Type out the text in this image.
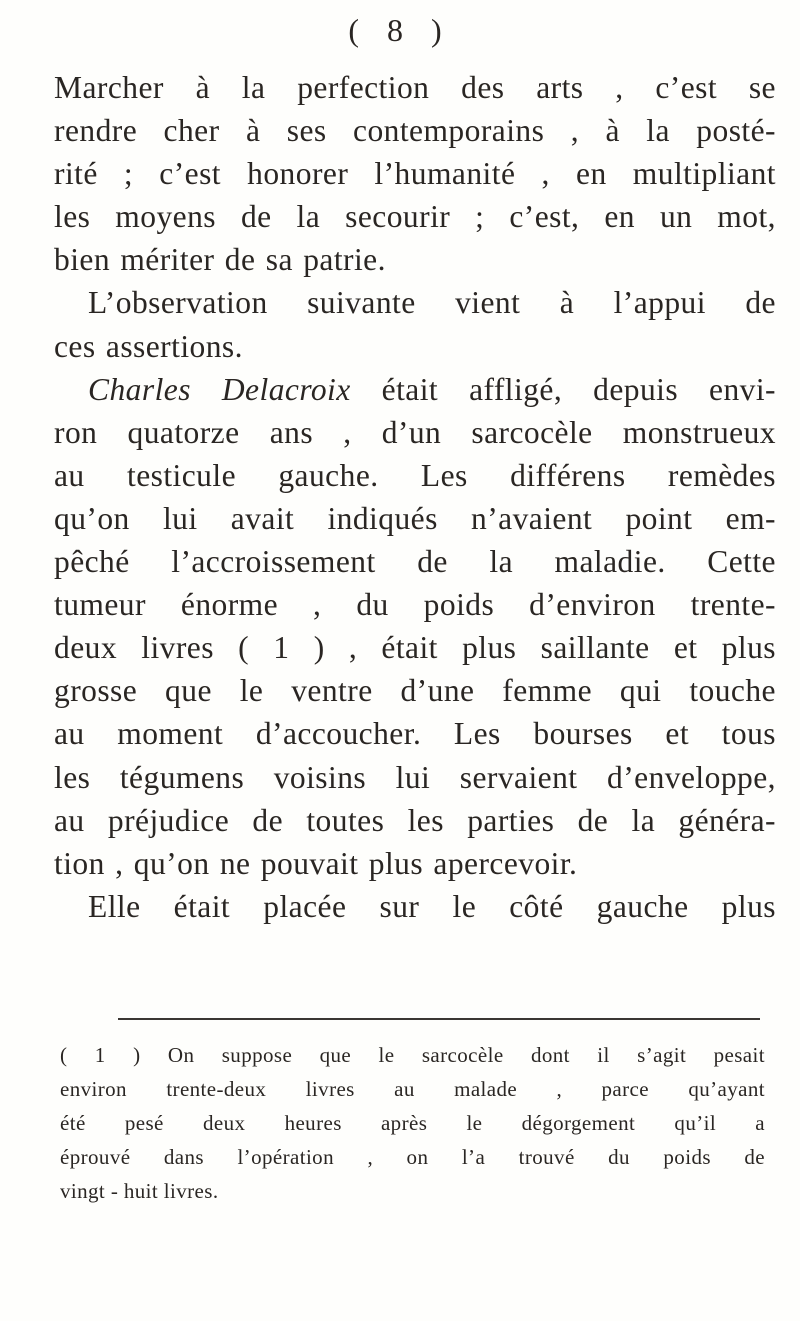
( 8 )
Marcher à la perfection des arts , c’est se
rendre cher à ses contemporains , à la posté-
rité ; c’est honorer l’humanité , en multipliant
les moyens de la secourir ; c’est, en un mot,
bien mériter de sa patrie.
L’observation suivante vient à l’appui de
ces assertions.
Charles Delacroix était affligé, depuis envi-
ron quatorze ans , d’un sarcocèle monstrueux
au testicule gauche. Les différens remèdes
qu’on lui avait indiqués n’avaient point em-
pêché l’accroissement de la maladie. Cette
tumeur énorme , du poids d’environ trente-
deux livres ( 1 ) , était plus saillante et plus
grosse que le ventre d’une femme qui touche
au moment d’accoucher. Les bourses et tous
les tégumens voisins lui servaient d’enveloppe,
au préjudice de toutes les parties de la généra-
tion , qu’on ne pouvait plus apercevoir.
Elle était placée sur le côté gauche plus
( 1 ) On suppose que le sarcocèle dont il s’agit pesait
environ trente-deux livres au malade , parce qu’ayant
été pesé deux heures après le dégorgement qu’il a
éprouvé dans l’opération , on l’a trouvé du poids de
vingt - huit livres.
